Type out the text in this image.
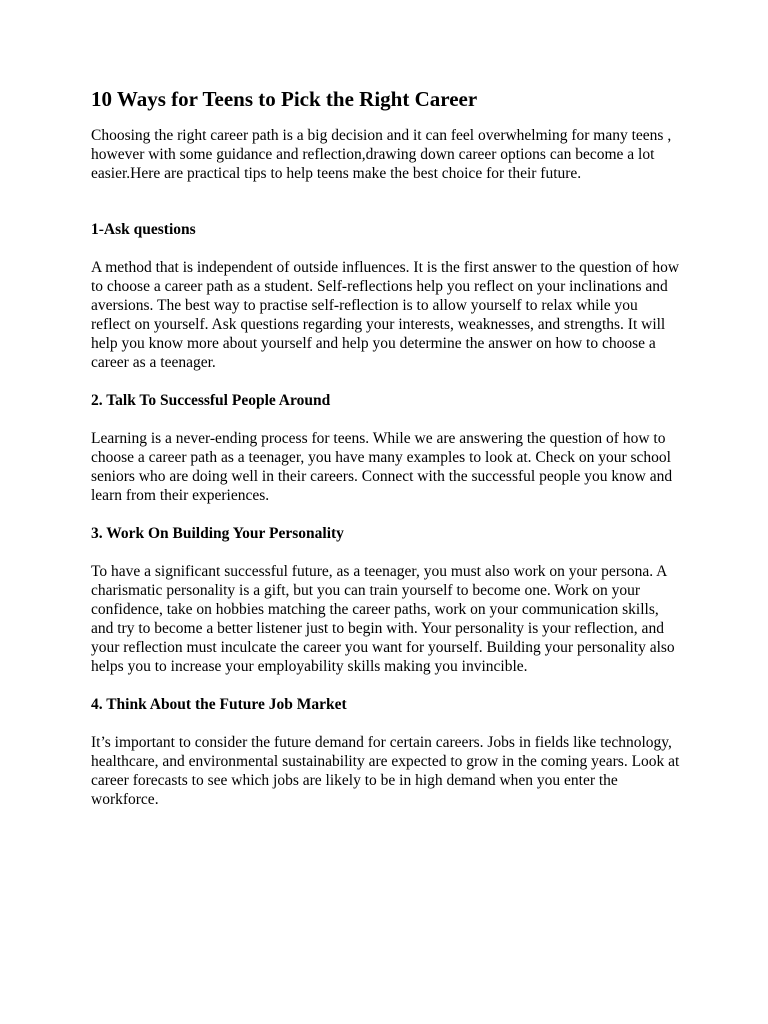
10 Ways for Teens to Pick the Right Career

Choosing the right career path is a big decision and it can feel overwhelming for many teens , however with some guidance and reflection,drawing down career options can become a lot easier.Here are practical tips to help teens make the best choice for their future.

1-Ask questions

A method that is independent of outside influences. It is the first answer to the question of how to choose a career path as a student. Self-reflections help you reflect on your inclinations and aversions. The best way to practise self-reflection is to allow yourself to relax while you reflect on yourself. Ask questions regarding your interests, weaknesses, and strengths. It will help you know more about yourself and help you determine the answer on how to choose a career as a teenager.

2. Talk To Successful People Around

Learning is a never-ending process for teens. While we are answering the question of how to choose a career path as a teenager, you have many examples to look at. Check on your school seniors who are doing well in their careers. Connect with the successful people you know and learn from their experiences.

3. Work On Building Your Personality

To have a significant successful future, as a teenager, you must also work on your persona. A charismatic personality is a gift, but you can train yourself to become one. Work on your confidence, take on hobbies matching the career paths, work on your communication skills, and try to become a better listener just to begin with. Your personality is your reflection, and your reflection must inculcate the career you want for yourself. Building your personality also helps you to increase your employability skills making you invincible.

4. Think About the Future Job Market

It’s important to consider the future demand for certain careers. Jobs in fields like technology, healthcare, and environmental sustainability are expected to grow in the coming years. Look at career forecasts to see which jobs are likely to be in high demand when you enter the workforce.
